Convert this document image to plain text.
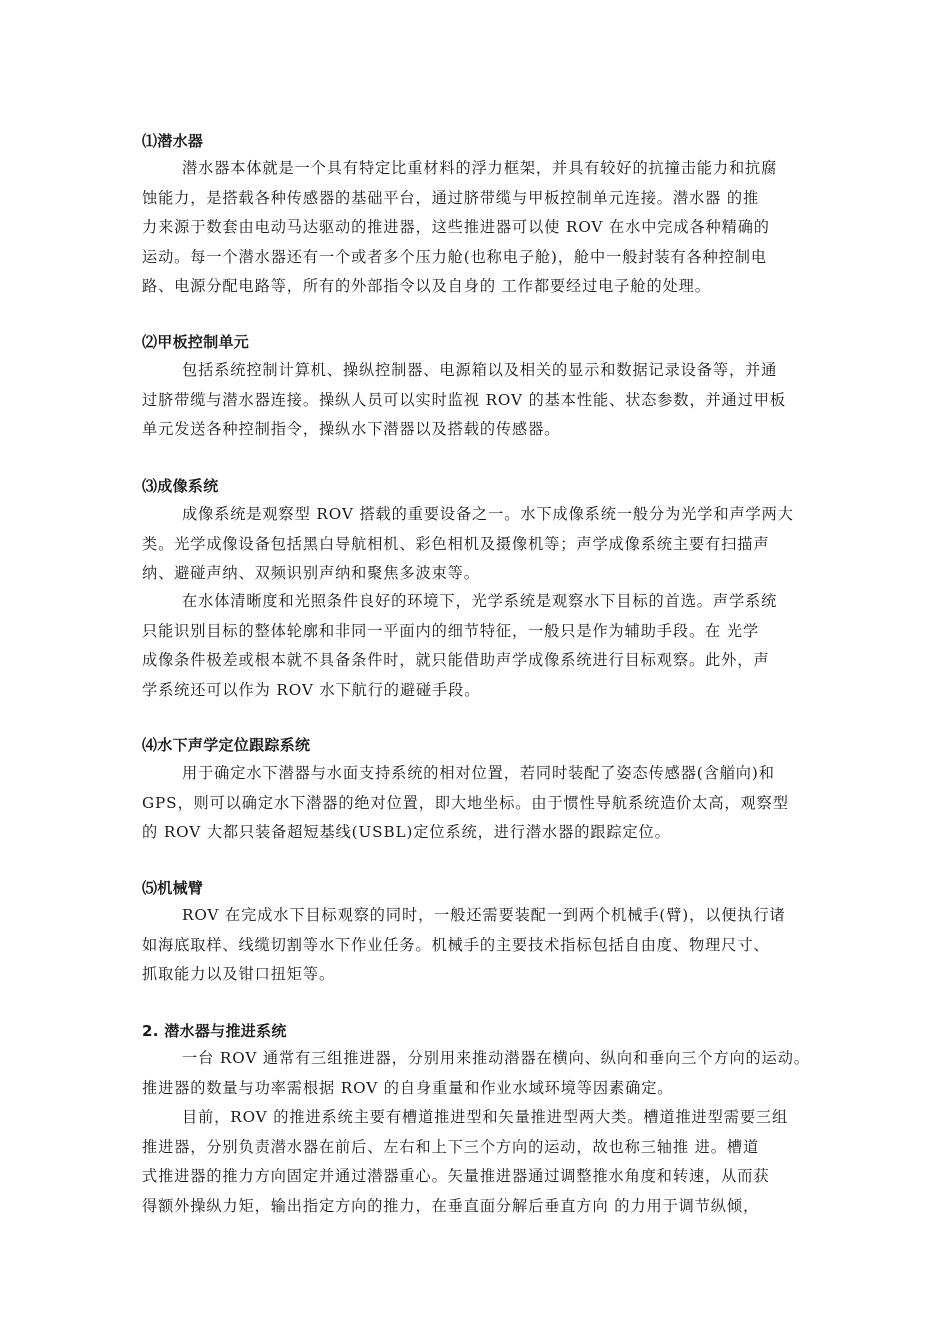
⑴潜水器
潜水器本体就是一个具有特定比重材料的浮力框架，并具有较好的抗撞击能力和抗腐
蚀能力，是搭载各种传感器的基础平台，通过脐带缆与甲板控制单元连接。潜水器 的推
力来源于数套由电动马达驱动的推进器，这些推进器可以使 ROV 在水中完成各种精确的
运动。每一个潜水器还有一个或者多个压力舱(也称电子舱)，舱中一般封装有各种控制电
路、电源分配电路等，所有的外部指令以及自身的 工作都要经过电子舱的处理。
⑵甲板控制单元
包括系统控制计算机、操纵控制器、电源箱以及相关的显示和数据记录设备等，并通
过脐带缆与潜水器连接。操纵人员可以实时监视 ROV 的基本性能、状态参数，并通过甲板
单元发送各种控制指令，操纵水下潜器以及搭载的传感器。
⑶成像系统
成像系统是观察型 ROV 搭载的重要设备之一。水下成像系统一般分为光学和声学两大
类。光学成像设备包括黑白导航相机、彩色相机及摄像机等；声学成像系统主要有扫描声
纳、避碰声纳、双频识别声纳和聚焦多波束等。
在水体清晰度和光照条件良好的环境下，光学系统是观察水下目标的首选。声学系统
只能识别目标的整体轮廓和非同一平面内的细节特征，一般只是作为辅助手段。在 光学
成像条件极差或根本就不具备条件时，就只能借助声学成像系统进行目标观察。此外，声
学系统还可以作为 ROV 水下航行的避碰手段。
⑷水下声学定位跟踪系统
用于确定水下潜器与水面支持系统的相对位置，若同时装配了姿态传感器(含艏向)和
GPS，则可以确定水下潜器的绝对位置，即大地坐标。由于惯性导航系统造价太高，观察型
的 ROV 大都只装备超短基线(USBL)定位系统，进行潜水器的跟踪定位。
⑸机械臂
ROV 在完成水下目标观察的同时，一般还需要装配一到两个机械手(臂)，以便执行诸
如海底取样、线缆切割等水下作业任务。机械手的主要技术指标包括自由度、物理尺寸、
抓取能力以及钳口扭矩等。
2. 潜水器与推进系统
一台 ROV 通常有三组推进器，分别用来推动潜器在横向、纵向和垂向三个方向的运动。
推进器的数量与功率需根据 ROV 的自身重量和作业水域环境等因素确定。
目前，ROV 的推进系统主要有槽道推进型和矢量推进型两大类。槽道推进型需要三组
推进器，分别负责潜水器在前后、左右和上下三个方向的运动，故也称三轴推 进。槽道
式推进器的推力方向固定并通过潜器重心。矢量推进器通过调整推水角度和转速，从而获
得额外操纵力矩，输出指定方向的推力，在垂直面分解后垂直方向 的力用于调节纵倾，
